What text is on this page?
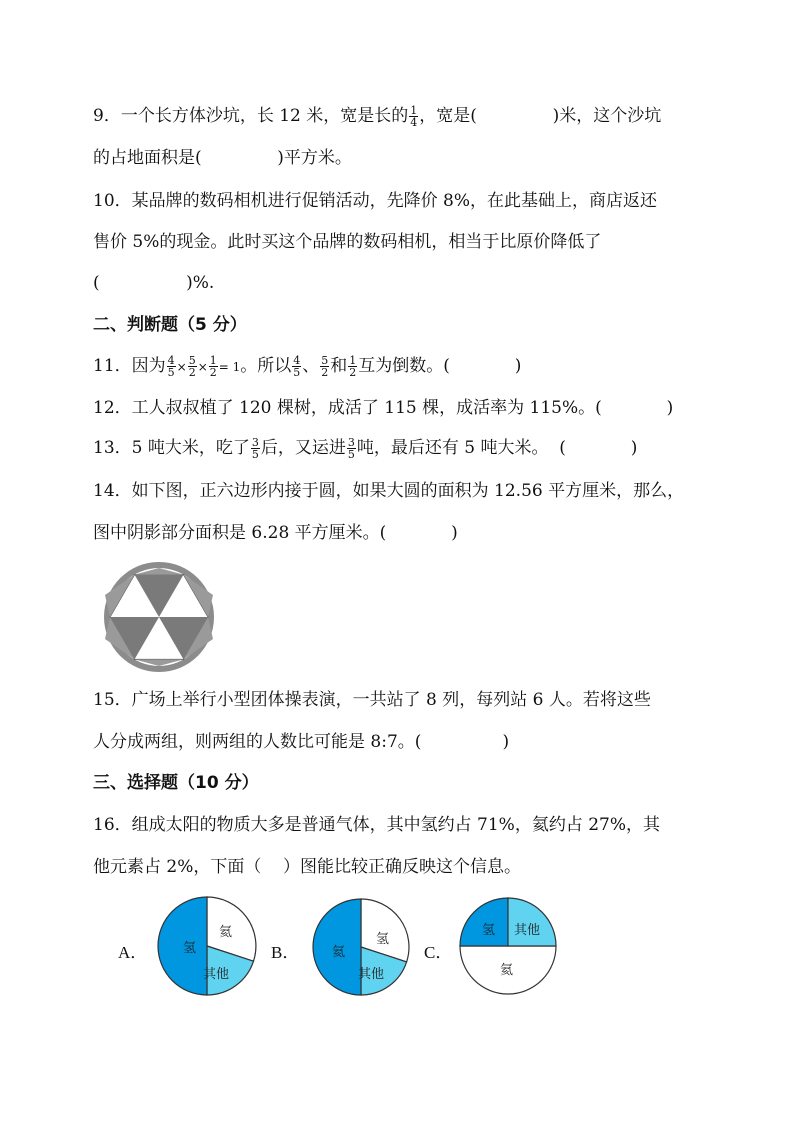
9．一个长方体沙坑，长 12 米，宽是长的 $\frac{1}{4}$ ，宽是(	)米，这个沙坑
的占地面积是(	)平方米。
10．某品牌的数码相机进行促销活动，先降价 8%，在此基础上，商店返还
售价 5%的现金。此时买这个品牌的数码相机，相当于比原价降低了
(	)%.
二、判断题（5 分）
11．因为 $\frac{4}{5} \times \frac{5}{2} \times \frac{1}{2} = 1$。所以 $\frac{4}{5}$ 、 $\frac{5}{2}$ 和 $\frac{1}{2}$ 互为倒数。(            )
12．工人叔叔植了 120 棵树，成活了 115 棵，成活率为 115%。(            )
13．5 吨大米，吃了 $\frac{3}{5}$ 后，又运进 $\frac{3}{5}$ 吨，最后还有 5 吨大米。  (            )
14．如下图，正六边形内接于圆，如果大圆的面积为 12.56 平方厘米，那么，
图中阴影部分面积是 6.28 平方厘米。(            )
15．广场上举行小型团体操表演，一共站了 8 列，每列站 6 人。若将这些
人分成两组，则两组的人数比可能是 8:7。(               )
三、选择题（10 分）
16．组成太阳的物质大多是普通气体，其中氢约占 71%，氦约占 27%，其
他元素占 2%，下面（    ）图能比较正确反映这个信息。
A．	氢
氦
其他
B．	氦
氢
其他
C．
氢 其他
氦
